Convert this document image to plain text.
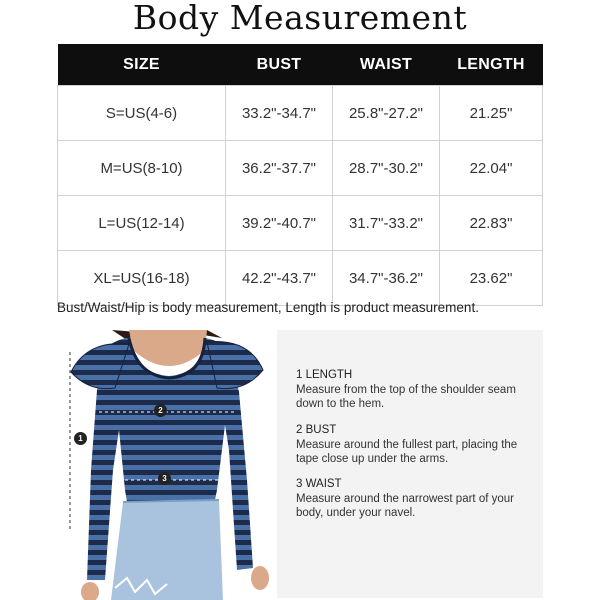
Body Measurement
SIZE	BUST	WAIST	LENGTH
S=US(4-6)	33.2"-34.7"	25.8"-27.2"	21.25"
M=US(8-10)	36.2"-37.7"	28.7"-30.2"	22.04"
L=US(12-14)	39.2"-40.7"	31.7"-33.2"	22.83"
XL=US(16-18)	42.2"-43.7"	34.7"-36.2"	23.62"
Bust/Waist/Hip is body measurement, Length is product measurement.
1
2
3
1 LENGTH
Measure from the top of the shoulder seam down to the hem.
2 BUST
Measure around the fullest part, placing the tape close up under the arms.
3 WAIST
Measure around the narrowest part of your body, under your navel.
